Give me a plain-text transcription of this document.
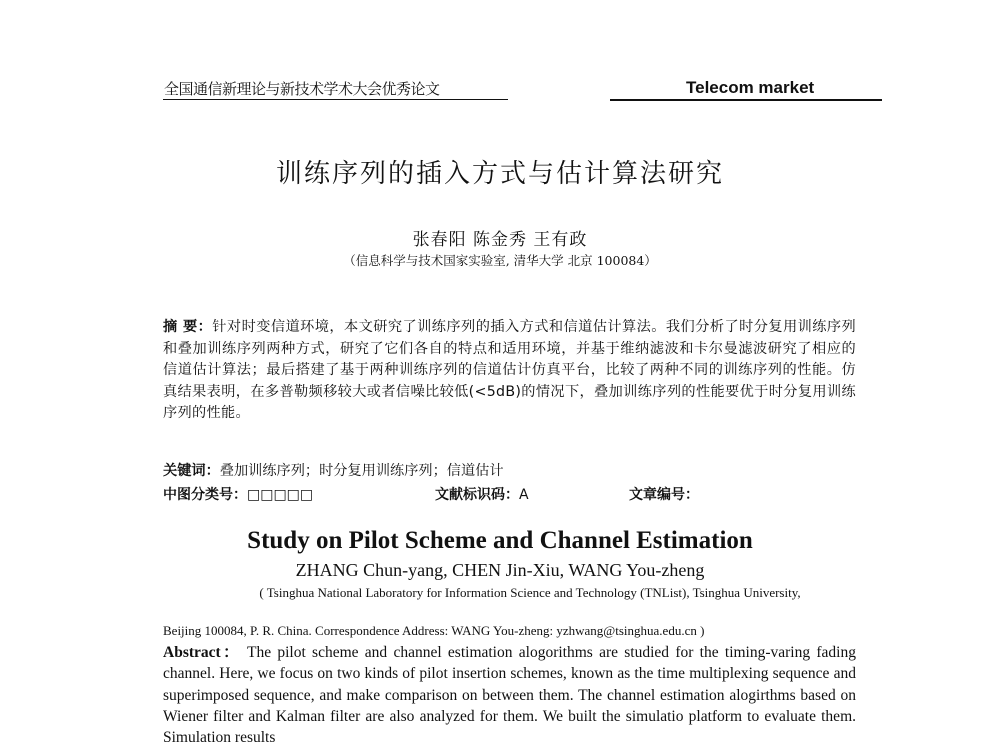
全国通信新理论与新技术学术大会优秀论文	Telecom market
训练序列的插入方式与估计算法研究
张春阳 陈金秀 王有政
（信息科学与技术国家实验室, 清华大学 北京 100084）
摘 要：针对时变信道环境，本文研究了训练序列的插入方式和信道估计算法。我们分析了时分复用训练序列和叠加训练序列两种方式，研究了它们各自的特点和适用环境，并基于维纳滤波和卡尔曼滤波研究了相应的信道估计算法；最后搭建了基于两种训练序列的信道估计仿真平台，比较了两种不同的训练序列的性能。仿真结果表明，在多普勒频移较大或者信噪比较低(<5dB)的情况下，叠加训练序列的性能要优于时分复用训练序列的性能。
关键词：叠加训练序列；时分复用训练序列；信道估计
中图分类号：□□□□□	文献标识码：A	文章编号：
Study on Pilot Scheme and Channel Estimation
ZHANG Chun-yang, CHEN Jin-Xiu, WANG You-zheng
( Tsinghua National Laboratory for Information Science and Technology (TNList), Tsinghua University,
Beijing 100084, P. R. China. Correspondence Address: WANG You-zheng: yzhwang@tsinghua.edu.cn )
Abstract： The pilot scheme and channel estimation alogorithms are studied for the timing-varing fading channel. Here, we focus on two kinds of pilot insertion schemes, known as the time multiplexing sequence and superimposed sequence, and make comparison on between them. The channel estimation alogirthms based on Wiener filter and Kalman filter are also analyzed for them. We built the simulatio platform to evaluate them. Simulation results
